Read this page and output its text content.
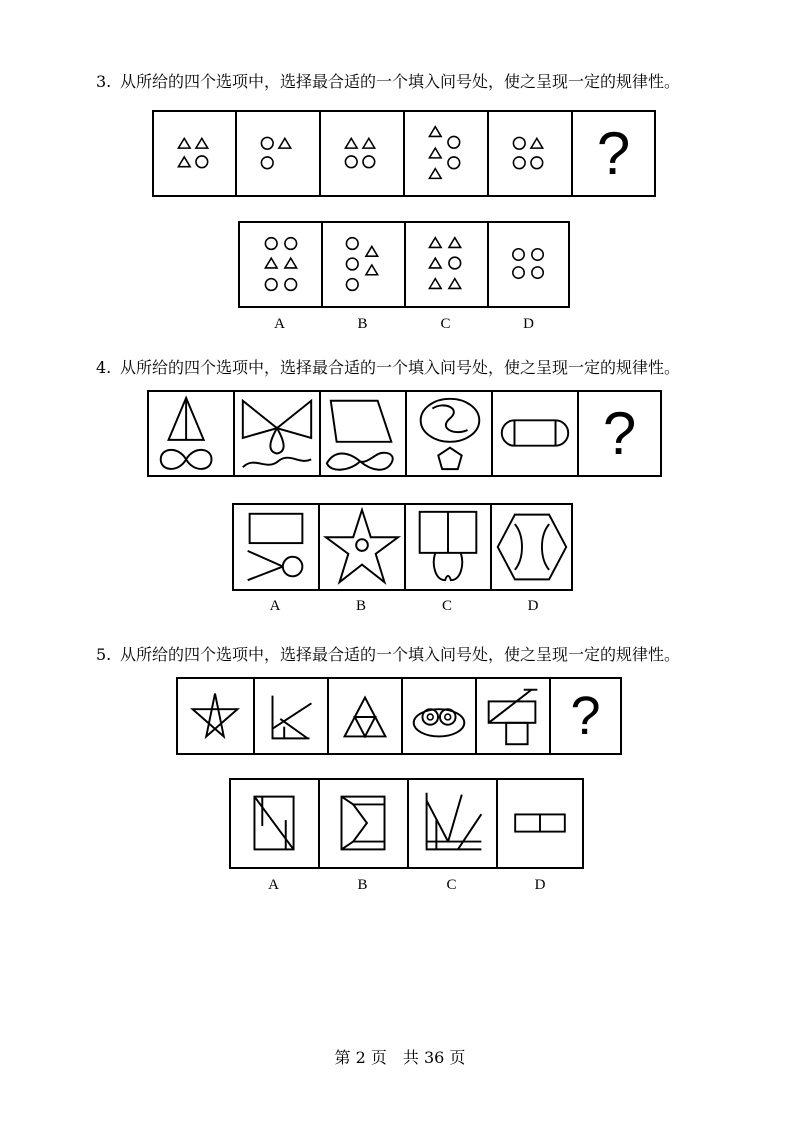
3. 从所给的四个选项中，选择最合适的一个填入问号处，使之呈现一定的规律性。
?
A	B	C	D
4. 从所给的四个选项中，选择最合适的一个填入问号处，使之呈现一定的规律性。
?
A	B	C	D
5. 从所给的四个选项中，选择最合适的一个填入问号处，使之呈现一定的规律性。
?
A	B	C	D
第 2 页　共 36 页
